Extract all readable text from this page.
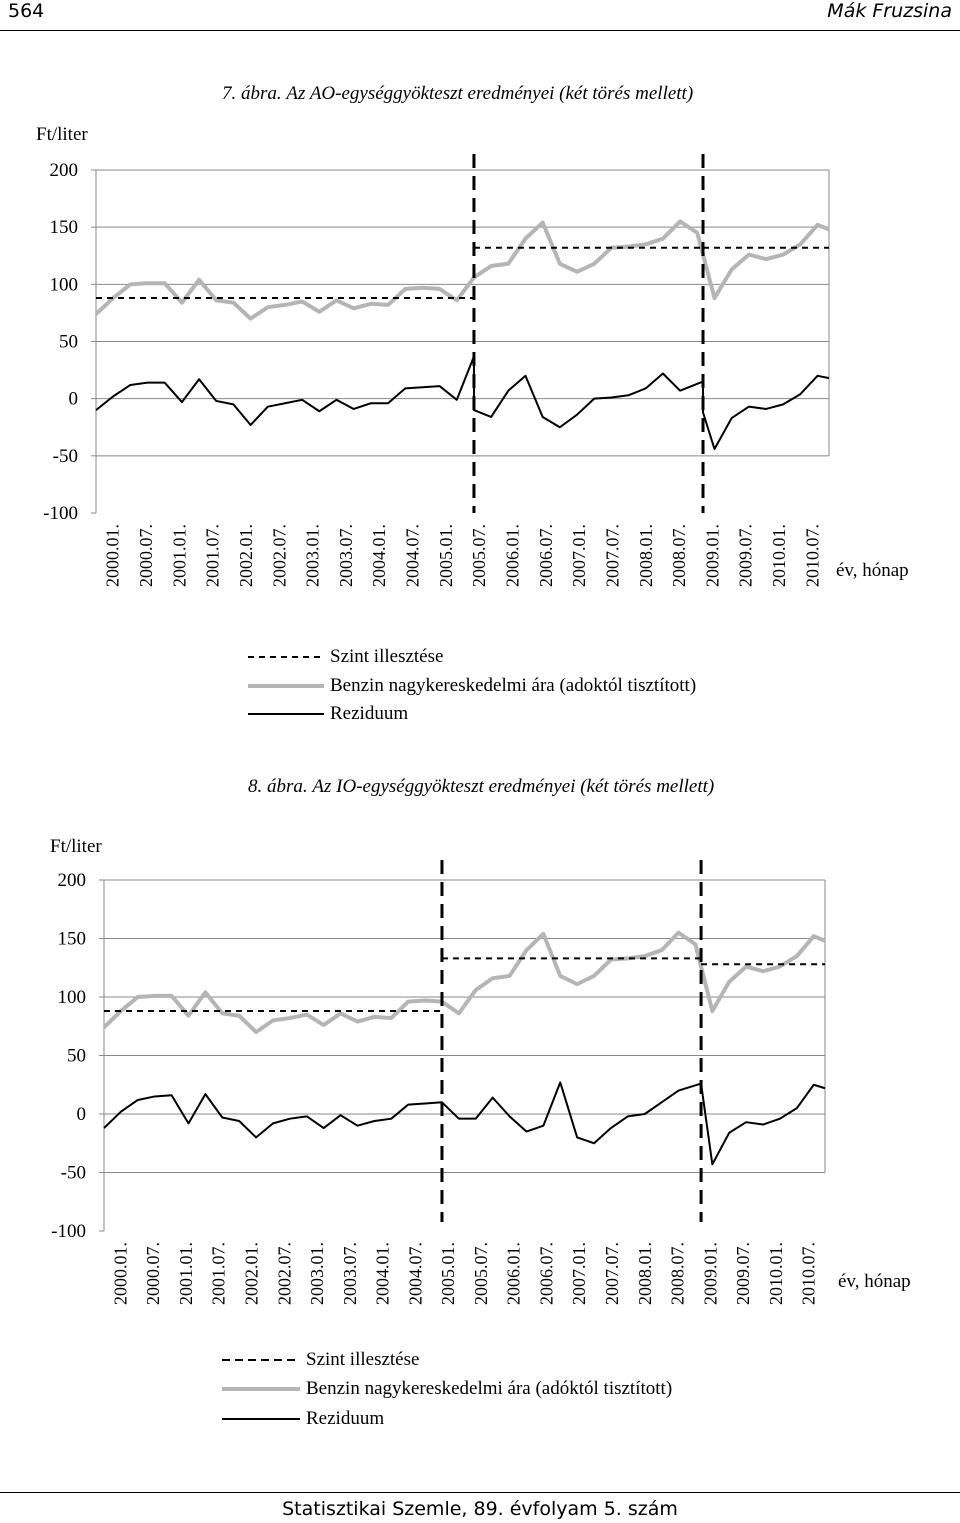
564	Mák Fruzsina
7. ábra. Az AO-egységgyökteszt eredményei (két törés mellett)
Ft/liter
év, hónap
200
150
100
50
0
-50
-100
2000.01. 2000.07. 2001.01. 2001.07. 2002.01. 2002.07. 2003.01. 2003.07. 2004.01. 2004.07. 2005.01. 2005.07. 2006.01. 2006.07. 2007.01. 2007.07. 2008.01. 2008.07. 2009.01. 2009.07. 2010.01. 2010.07.
Szint illesztése
Benzin nagykereskedelmi ára (adoktól tisztított)
Reziduum
8. ábra. Az IO-egységgyökteszt eredményei (két törés mellett)
Ft/liter
év, hónap
200
150
100
50
0
-50
-100
2000.01. 2000.07. 2001.01. 2001.07. 2002.01. 2002.07. 2003.01. 2003.07. 2004.01. 2004.07. 2005.01. 2005.07. 2006.01. 2006.07. 2007.01. 2007.07. 2008.01. 2008.07. 2009.01. 2009.07. 2010.01. 2010.07.
Szint illesztése
Benzin nagykereskedelmi ára (adóktól tisztított)
Reziduum
Statisztikai Szemle, 89. évfolyam 5. szám
